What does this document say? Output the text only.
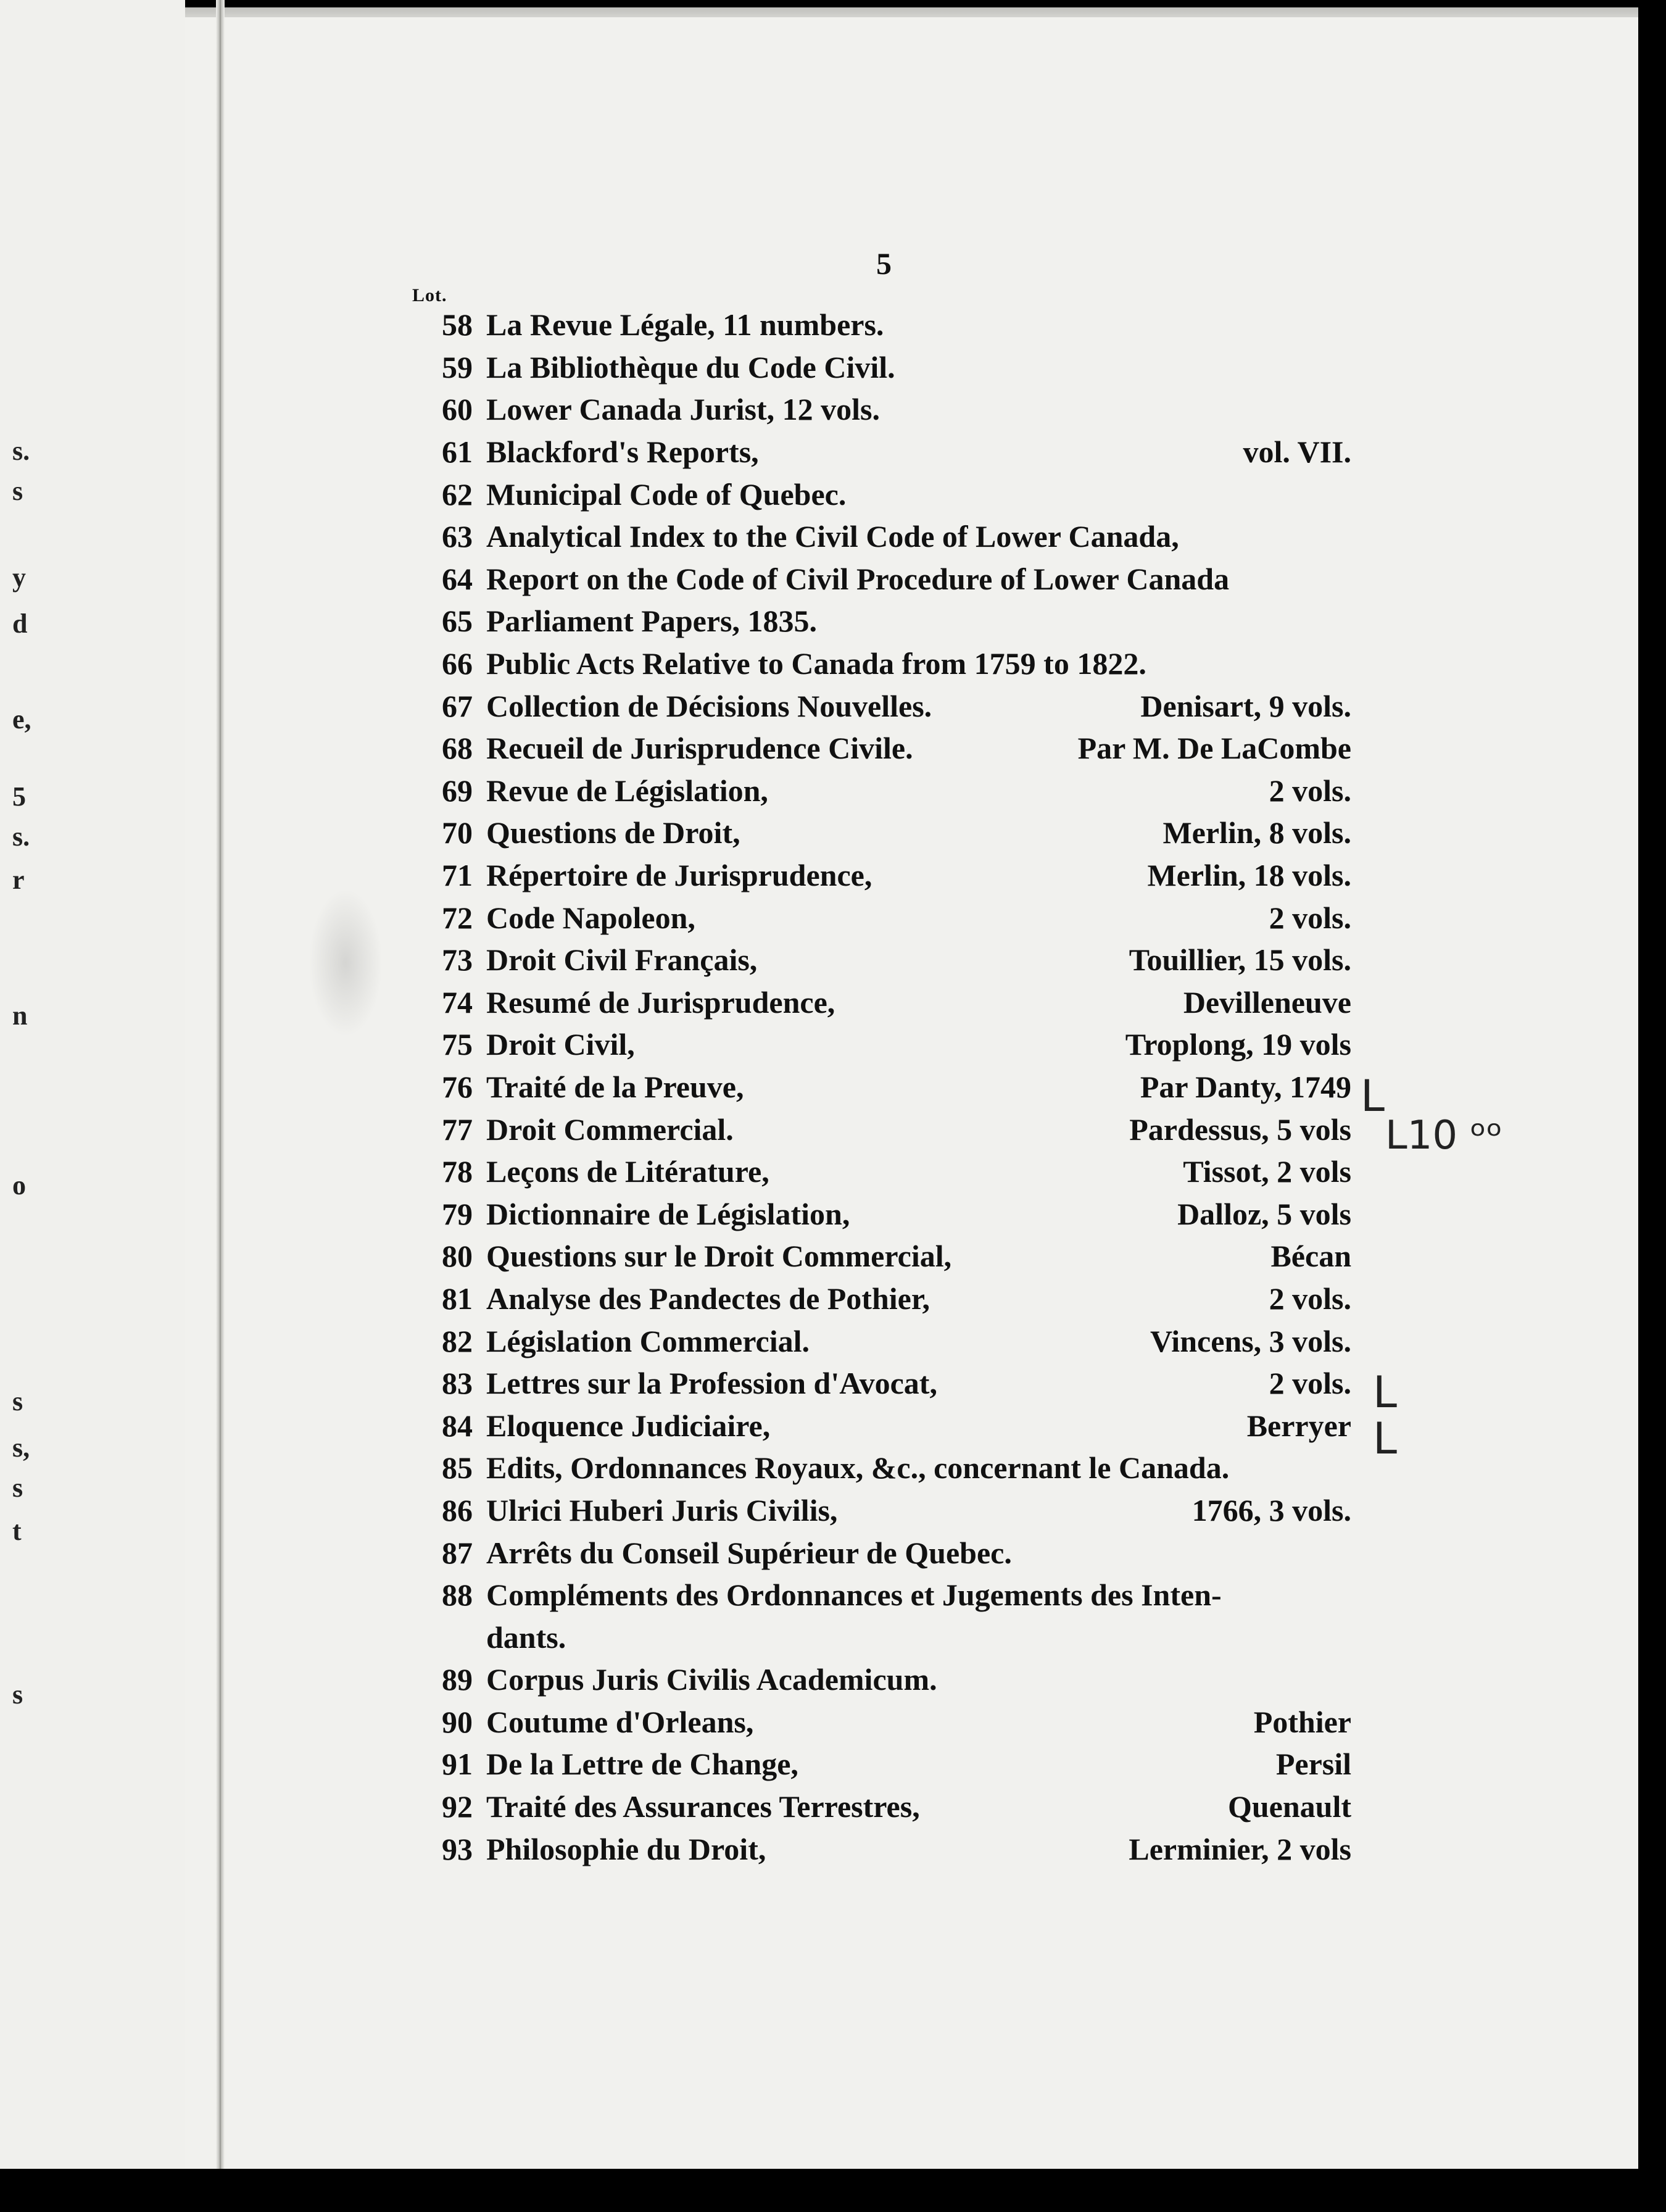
s.
s
y
d
e,
5
s.
r
n
o
s
s,
s
t
s
5
Lot.
58 La Revue Légale, 11 numbers.
59 La Bibliothèque du Code Civil.
60 Lower Canada Jurist, 12 vols.
61 Blackford's Reports,	vol. VII.
62 Municipal Code of Quebec.
63 Analytical Index to the Civil Code of Lower Canada,
64 Report on the Code of Civil Procedure of Lower Canada
65 Parliament Papers, 1835.
66 Public Acts Relative to Canada from 1759 to 1822.
67 Collection de Décisions Nouvelles.	Denisart, 9 vols.
68 Recueil de Jurisprudence Civile.	Par M. De LaCombe
69 Revue de Législation,	2 vols.
70 Questions de Droit,	Merlin, 8 vols.
71 Répertoire de Jurisprudence,	Merlin, 18 vols.
72 Code Napoleon,	2 vols.
73 Droit Civil Français,	Touillier, 15 vols.
74 Resumé de Jurisprudence,	Devilleneuve
75 Droit Civil,	Troplong, 19 vols
76 Traité de la Preuve,	Par Danty, 1749
77 Droit Commercial.	Pardessus, 5 vols
78 Leçons de Litérature,	Tissot, 2 vols
79 Dictionnaire de Législation,	Dalloz, 5 vols
80 Questions sur le Droit Commercial,	Bécan
81 Analyse des Pandectes de Pothier,	2 vols.
82 Législation Commercial.	Vincens, 3 vols.
83 Lettres sur la Profession d'Avocat,	2 vols.
84 Eloquence Judiciaire,	Berryer
85 Edits, Ordonnances Royaux, &c., concernant le Canada.
86 Ulrici Huberi Juris Civilis,	1766, 3 vols.
87 Arrêts du Conseil Supérieur de Quebec.
88 Compléments des Ordonnances et Jugements des Inten-
dants.
89 Corpus Juris Civilis Academicum.
90 Coutume d'Orleans,	Pothier
91 De la Lettre de Change,	Persil
92 Traité des Assurances Terrestres,	Quenault
93 Philosophie du Droit,	Lerminier, 2 vols
L
L10 ᵒᵒ
L
L
